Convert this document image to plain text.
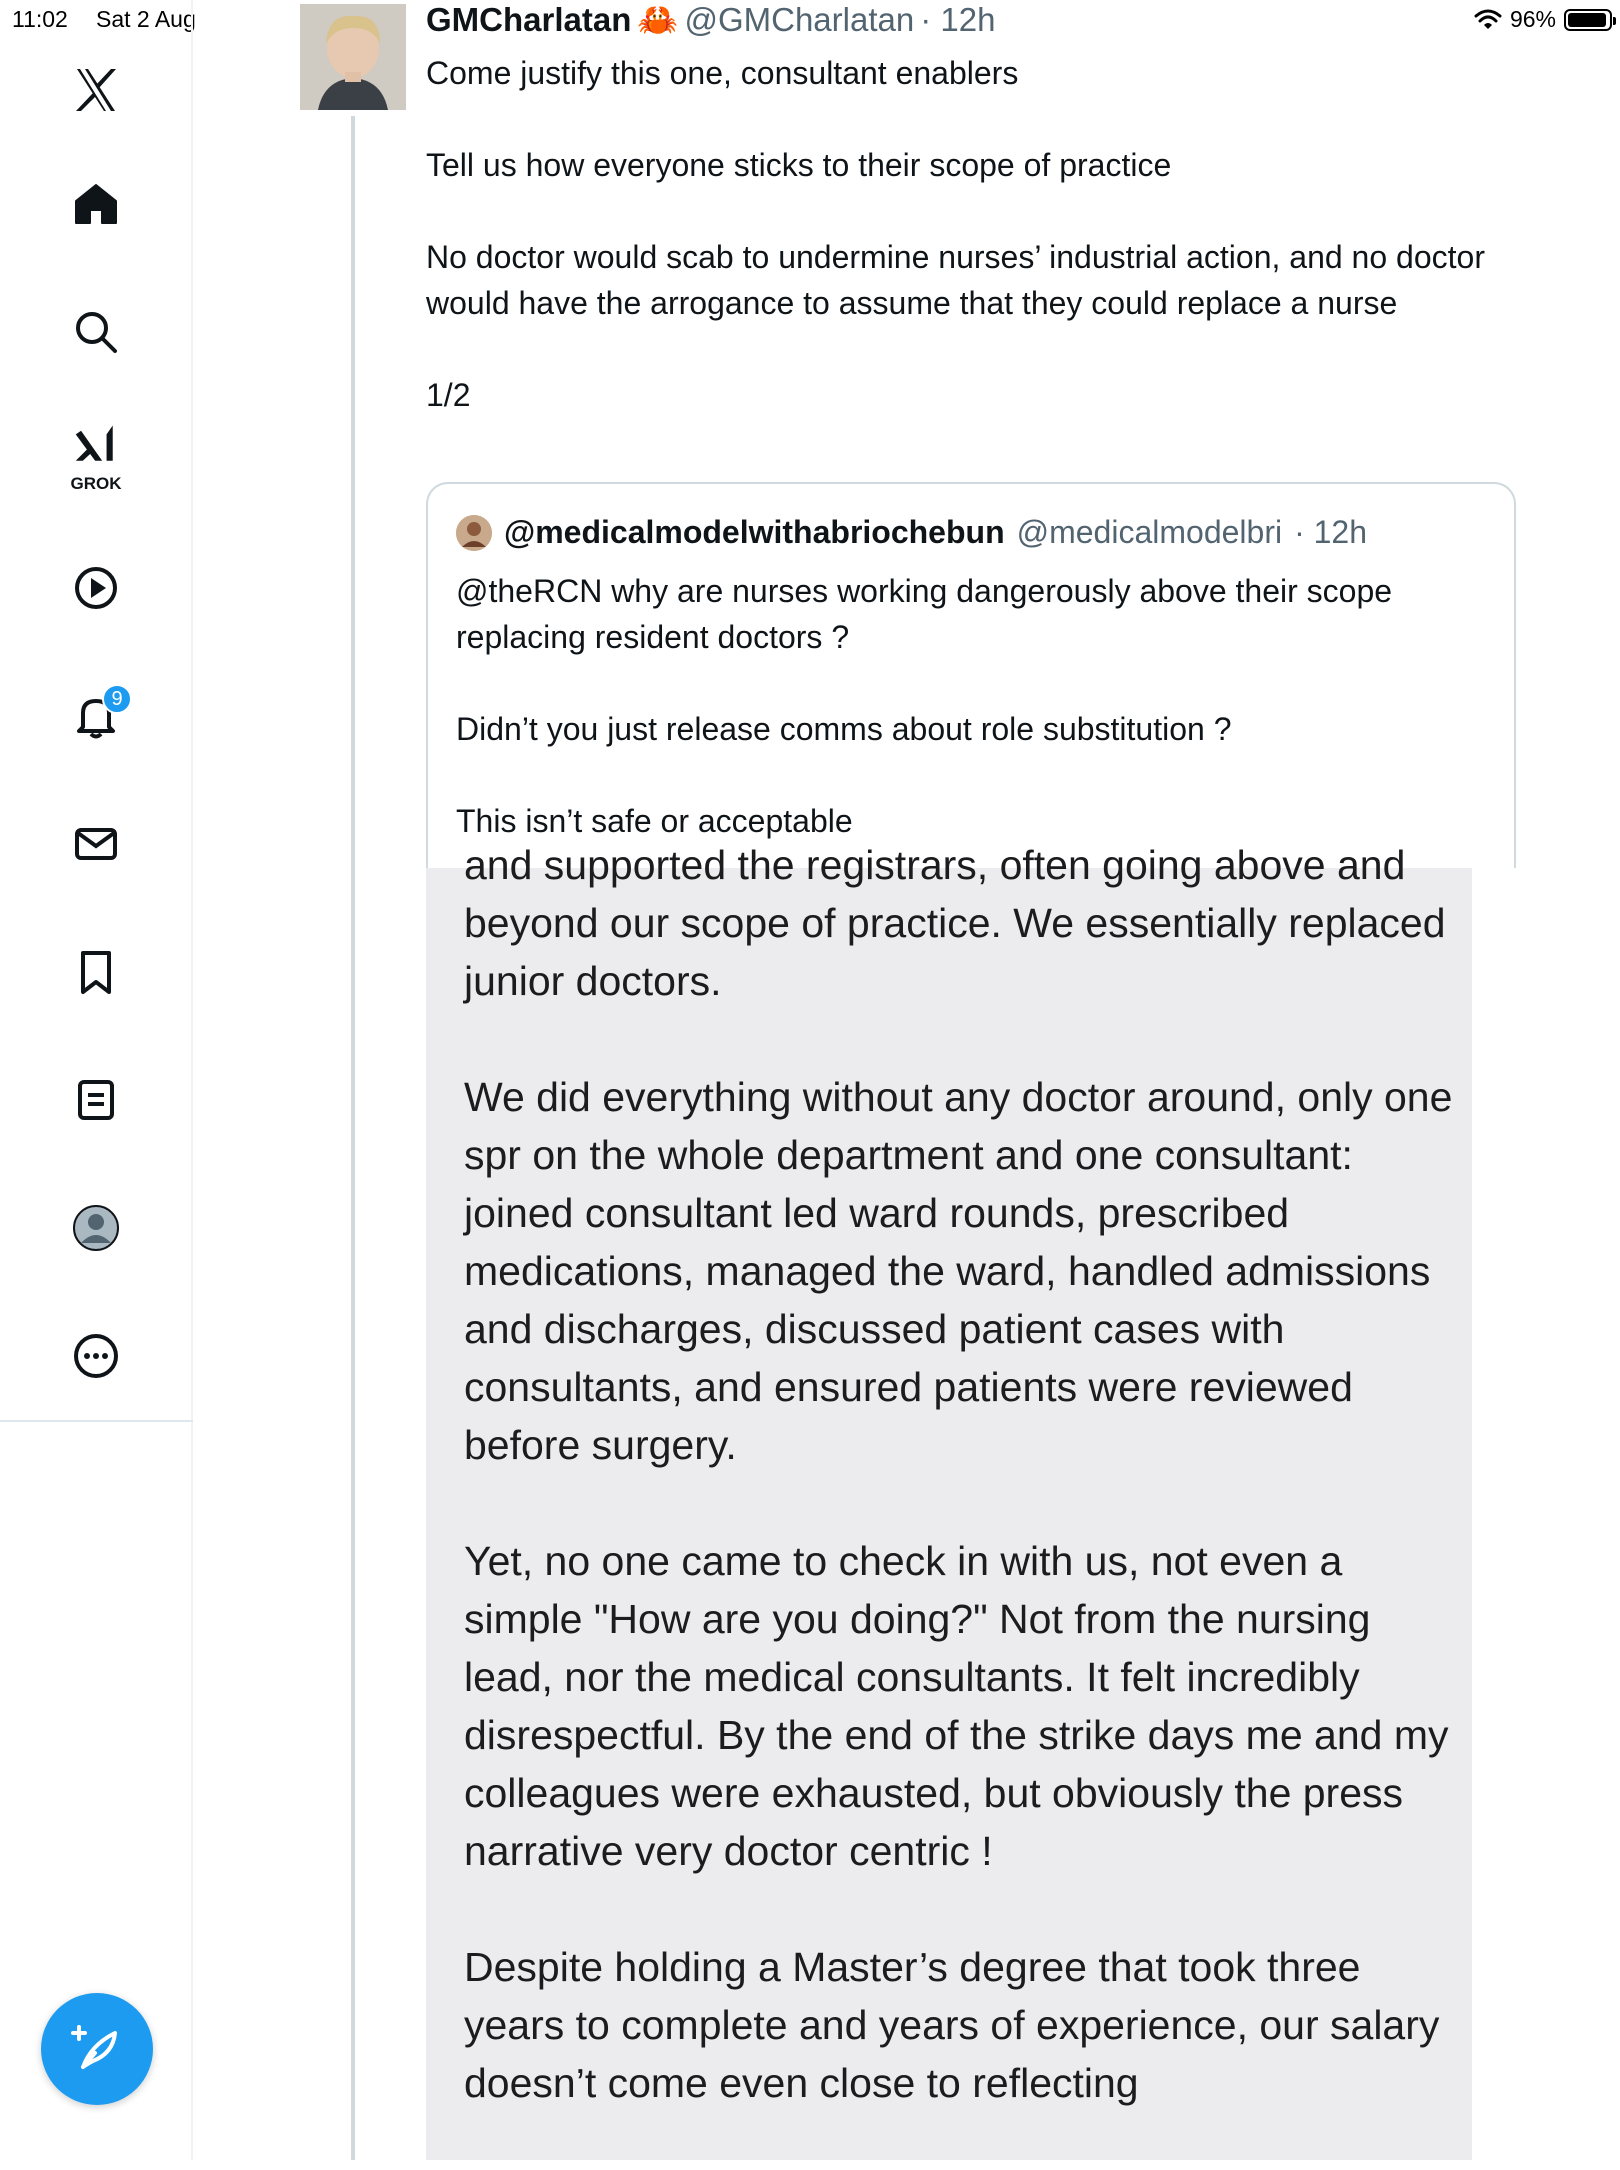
11:02 Sat 2 Aug	96%
GROK
9
GMCharlatan 🦀 @GMCharlatan · 12h

Come justify this one, consultant enablers

Tell us how everyone sticks to their scope of practice

No doctor would scab to undermine nurses’ industrial action, and no doctor would have the arrogance to assume that they could replace a nurse

1/2

@medicalmodelwithabriochebun @medicalmodelbri · 12h

@theRCN why are nurses working dangerously above their scope replacing resident doctors ?

Didn’t you just release comms about role substitution ?

This isn’t safe or acceptable

and supported the registrars, often going above and beyond our scope of practice. We essentially replaced junior doctors.

We did everything without any doctor around, only one spr on the whole department and one consultant: joined consultant led ward rounds, prescribed medications, managed the ward, handled admissions and discharges, discussed patient cases with consultants, and ensured patients were reviewed before surgery.

Yet, no one came to check in with us, not even a simple "How are you doing?" Not from the nursing lead, nor the medical consultants. It felt incredibly disrespectful. By the end of the strike days me and my colleagues were exhausted, but obviously the press narrative very doctor centric !

Despite holding a Master’s degree that took three years to complete and years of experience, our salary doesn’t come even close to reflecting
